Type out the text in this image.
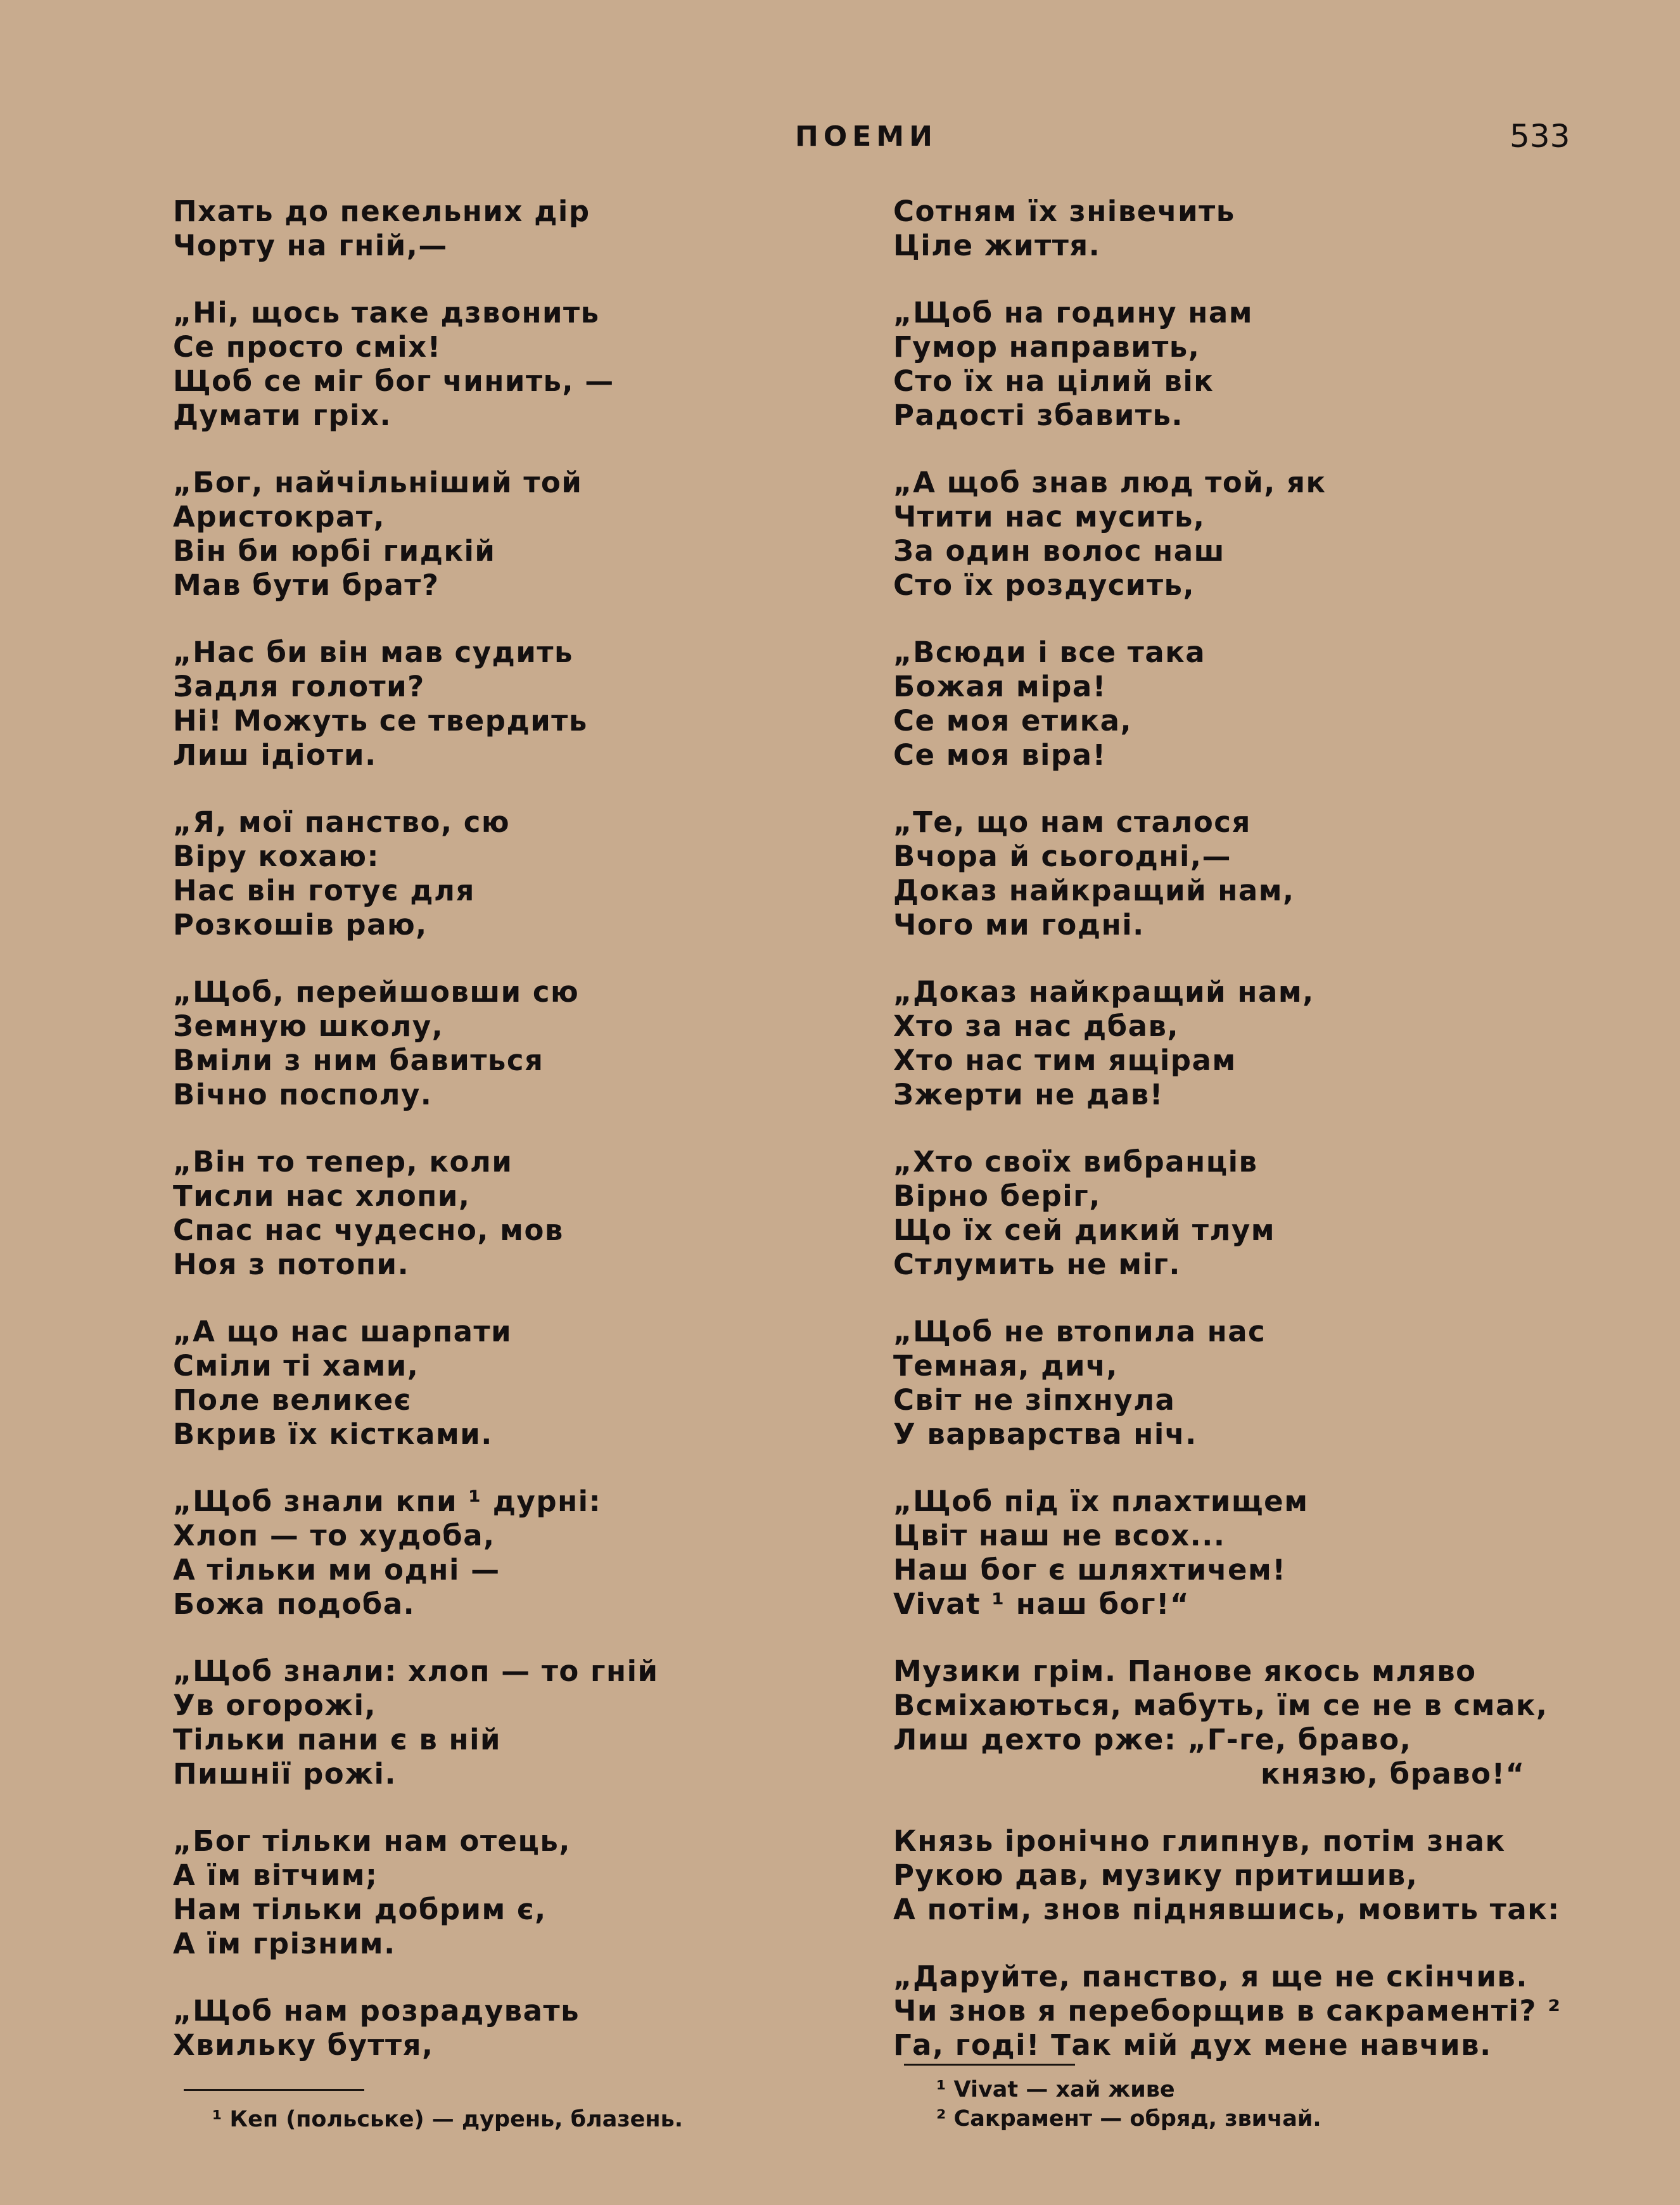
ПОЕМИ	533
Пхать до пекельних дір
Чорту на гній,—
„Ні, щось таке дзвонить
Се просто сміх!
Щоб се міг бог чинить, —
Думати гріх.
„Бог, найчільніший той
Аристократ,
Він би юрбі гидкій
Мав бути брат?
„Нас би він мав судить
Задля голоти?
Ні! Можуть се твердить
Лиш ідіоти.
„Я, мої панство, сю
Віру кохаю:
Нас він готує для
Розкошів раю,
„Щоб, перейшовши сю
Земную школу,
Вміли з ним бавиться
Вічно посполу.
„Він то тепер, коли
Тисли нас хлопи,
Спас нас чудесно, мов
Ноя з потопи.
„А що нас шарпати
Сміли ті хами,
Поле великеє
Вкрив їх кістками.
„Щоб знали кпи ¹ дурні:
Хлоп — то худоба,
А тільки ми одні —
Божа подоба.
„Щоб знали: хлоп — то гній
Ув огорожі,
Тільки пани є в ній
Пишнії рожі.
„Бог тільки нам отець,
А їм вітчим;
Нам тільки добрим є,
А їм грізним.
„Щоб нам розрадувать
Хвильку буття,
Сотням їх знівечить
Ціле життя.
„Щоб на годину нам
Гумор направить,
Сто їх на цілий вік
Радості збавить.
„А щоб знав люд той, як
Чтити нас мусить,
За один волос наш
Сто їх роздусить,
„Всюди і все така
Божая міра!
Се моя етика,
Се моя віра!
„Те, що нам сталося
Вчора й сьогодні,—
Доказ найкращий нам,
Чого ми годні.
„Доказ найкращий нам,
Хто за нас дбав,
Хто нас тим ящірам
Зжерти не дав!
„Хто своїх вибранців
Вірно беріг,
Що їх сей дикий тлум
Стлумить не міг.
„Щоб не втопила нас
Темная, дич,
Світ не зіпхнула
У варварства ніч.
„Щоб під їх плахтищем
Цвіт наш не всох...
Наш бог є шляхтичем!
Vivat ¹ наш бог!“
Музики грім. Панове якось мляво
Всміхаються, мабуть, їм се не в смак,
Лиш дехто рже: „Г-ге, браво,
князю, браво!“
Князь іронічно глипнув, потім знак
Рукою дав, музику притишив,
А потім, знов піднявшись, мовить так:
„Даруйте, панство, я ще не скінчив.
Чи знов я переборщив в сакраменті? ²
Га, годі! Так мій дух мене навчив.
¹ Кеп (польське) — дурень, блазень.
¹ Vivat — хай живе
² Сакрамент — обряд, звичай.
